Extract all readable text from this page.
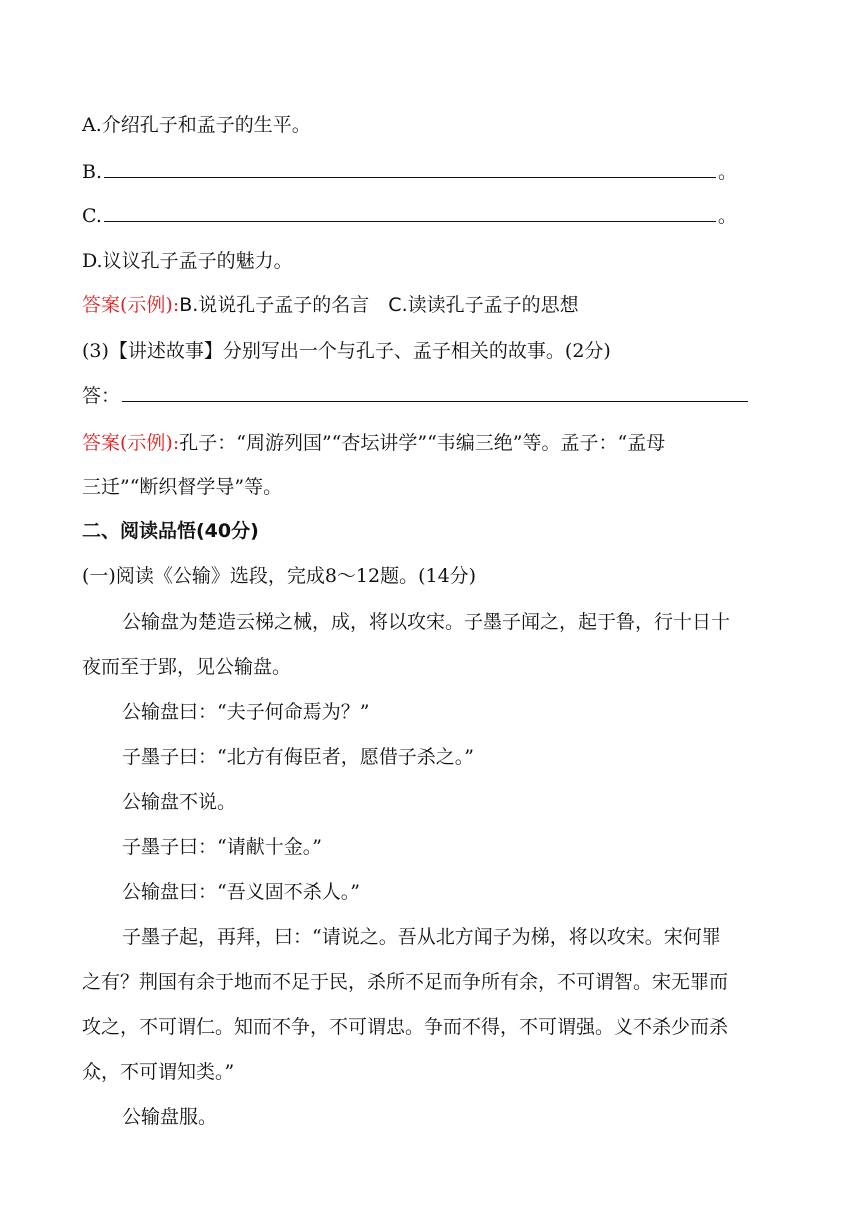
A.介绍孔子和孟子的生平。
B.	。
C.	。
D.议议孔子孟子的魅力。
答案(示例):B.说说孔子孟子的名言　C.读读孔子孟子的思想
(3)【讲述故事】分别写出一个与孔子、孟子相关的故事。(2分)
答：
答案(示例):孔子：“周游列国”“杏坛讲学”“韦编三绝”等。孟子：“孟母
三迁”“断织督学导”等。
二、阅读品悟(40分)
(一)阅读《公输》选段，完成8～12题。(14分)
公输盘为楚造云梯之械，成，将以攻宋。子墨子闻之，起于鲁，行十日十
夜而至于郢，见公输盘。
公输盘曰：“夫子何命焉为？”
子墨子曰：“北方有侮臣者，愿借子杀之。”
公输盘不说。
子墨子曰：“请献十金。”
公输盘曰：“吾义固不杀人。”
子墨子起，再拜，曰：“请说之。吾从北方闻子为梯，将以攻宋。宋何罪
之有？荆国有余于地而不足于民，杀所不足而争所有余，不可谓智。宋无罪而
攻之，不可谓仁。知而不争，不可谓忠。争而不得，不可谓强。义不杀少而杀
众，不可谓知类。”
公输盘服。
